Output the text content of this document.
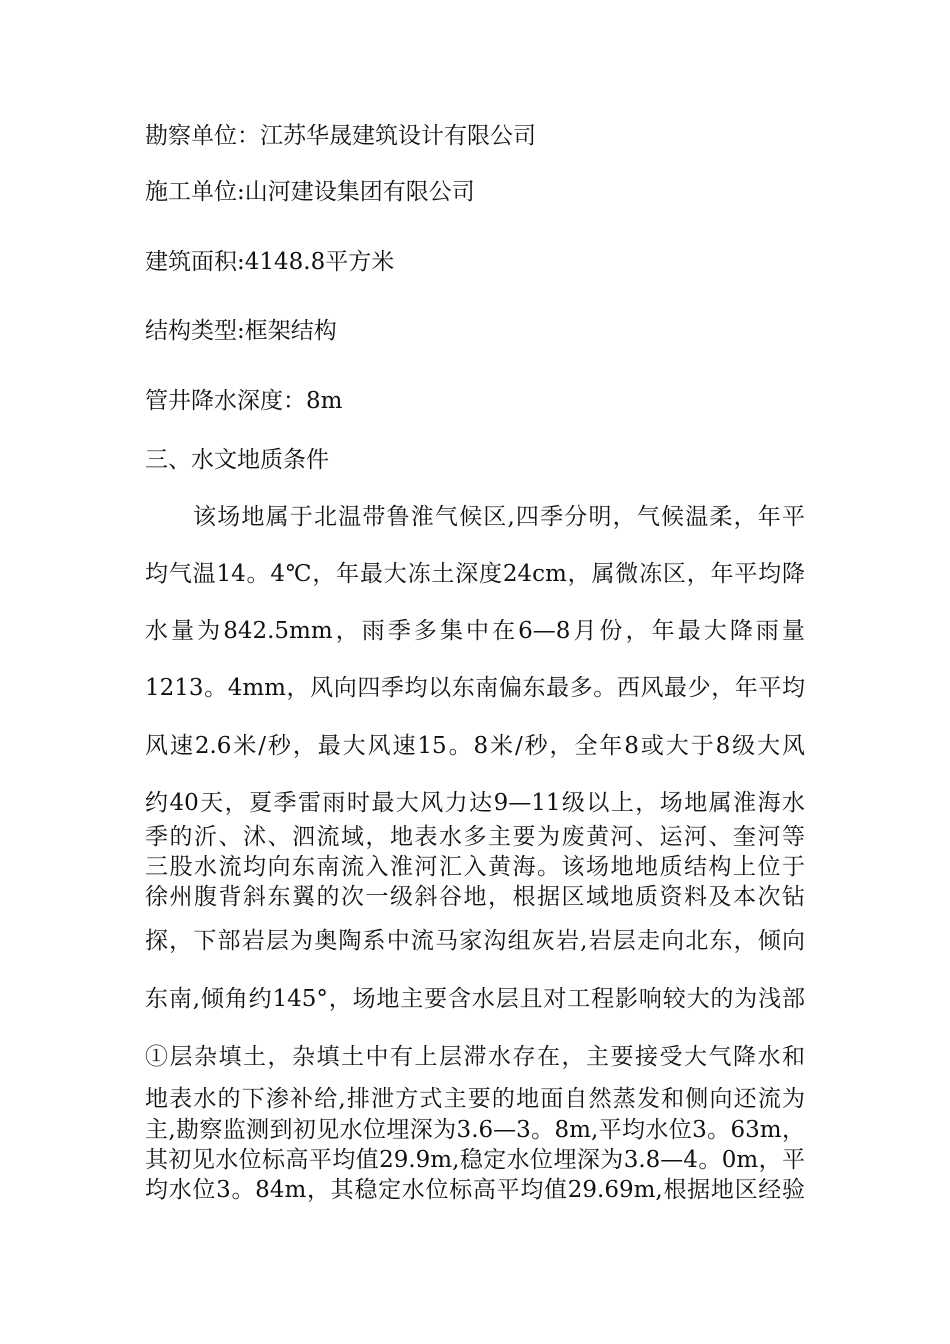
勘察单位：江苏华晟建筑设计有限公司
施工单位:山河建设集团有限公司
建筑面积:4148.8平方米
结构类型:框架结构
管井降水深度：8m
三、水文地质条件
该场地属于北温带鲁淮气候区,四季分明，气候温柔，年平
均气温14。4℃，年最大冻土深度24cm，属微冻区，年平均降
水量为842.5mm，雨季多集中在6—8月份，年最大降雨量
1213。4mm，风向四季均以东南偏东最多。西风最少，年平均
风速2.6米/秒，最大风速15。8米/秒，全年8或大于8级大风
约40天，夏季雷雨时最大风力达9—11级以上，场地属淮海水
季的沂、沭、泗流域，地表水多主要为废黄河、运河、奎河等
三股水流均向东南流入淮河汇入黄海。该场地地质结构上位于
徐州腹背斜东翼的次一级斜谷地，根据区域地质资料及本次钻
探，下部岩层为奥陶系中流马家沟组灰岩,岩层走向北东，倾向
东南,倾角约145°，场地主要含水层且对工程影响较大的为浅部
①层杂填土，杂填土中有上层滞水存在，主要接受大气降水和
地表水的下渗补给,排泄方式主要的地面自然蒸发和侧向还流为
主,勘察监测到初见水位埋深为3.6—3。8m,平均水位3。63m，
其初见水位标高平均值29.9m,稳定水位埋深为3.8—4。0m，平
均水位3。84m，其稳定水位标高平均值29.69m,根据地区经验
